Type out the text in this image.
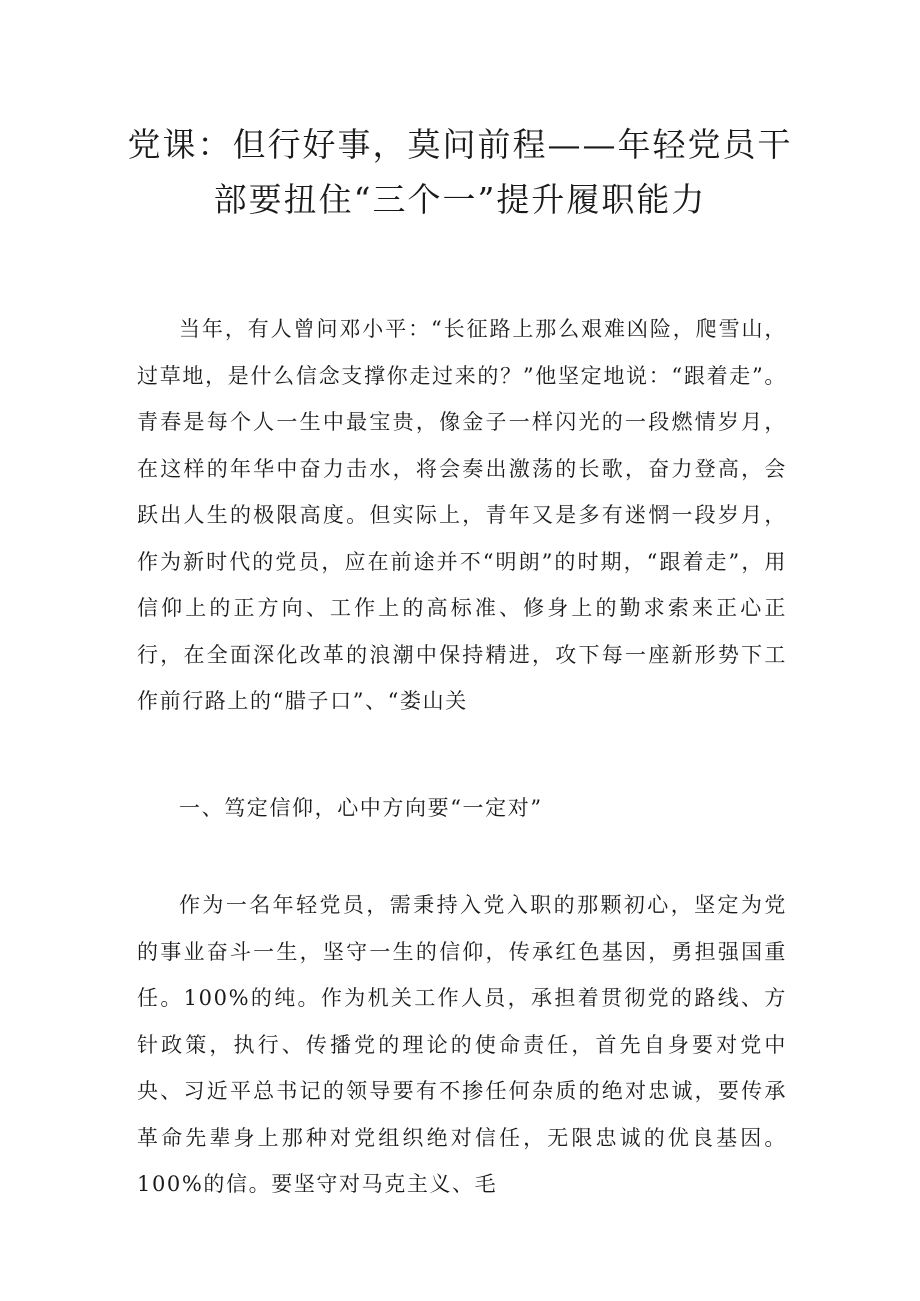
党课：但行好事，莫问前程——年轻党员干
部要扭住“三个一”提升履职能力

当年，有人曾问邓小平：“长征路上那么艰难凶险，爬雪山，过草地，是什么信念支撑你走过来的？”他坚定地说：“跟着走”。青春是每个人一生中最宝贵，像金子一样闪光的一段燃情岁月，在这样的年华中奋力击水，将会奏出激荡的长歌，奋力登高，会跃出人生的极限高度。但实际上，青年又是多有迷惘一段岁月，作为新时代的党员，应在前途并不“明朗”的时期，“跟着走”，用信仰上的正方向、工作上的高标准、修身上的勤求索来正心正行，在全面深化改革的浪潮中保持精进，攻下每一座新形势下工作前行路上的“腊子口”、“娄山关

一、笃定信仰，心中方向要“一定对”

作为一名年轻党员，需秉持入党入职的那颗初心，坚定为党的事业奋斗一生，坚守一生的信仰，传承红色基因，勇担强国重任。100%的纯。作为机关工作人员，承担着贯彻党的路线、方针政策，执行、传播党的理论的使命责任，首先自身要对党中央、习近平总书记的领导要有不掺任何杂质的绝对忠诚，要传承革命先辈身上那种对党组织绝对信任，无限忠诚的优良基因。100%的信。要坚守对马克主义、毛
